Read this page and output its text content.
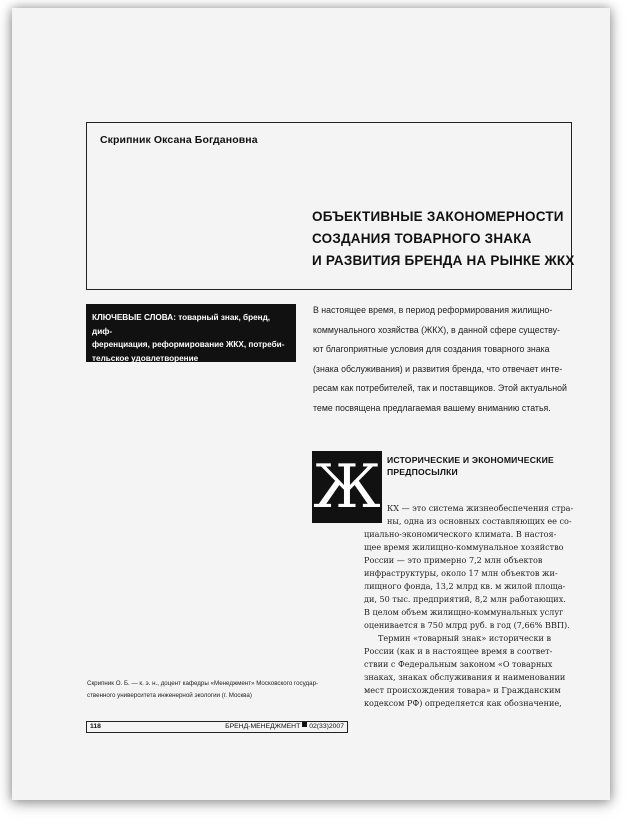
Скрипник Оксана Богдановна
ОБЪЕКТИВНЫЕ ЗАКОНОМЕРНОСТИ
СОЗДАНИЯ ТОВАРНОГО ЗНАКА
И РАЗВИТИЯ БРЕНДА НА РЫНКЕ ЖКХ
КЛЮЧЕВЫЕ СЛОВА: товарный знак, бренд, диф-
ференциация, реформирование ЖКХ, потреби-
тельское удовлетворение
В настоящее время, в период реформирования жилищно-
коммунального хозяйства (ЖКХ), в данной сфере существу-
ют благоприятные условия для создания товарного знака
(знака обслуживания) и развития бренда, что отвечает инте-
ресам как потребителей, так и поставщиков. Этой актуальной
теме посвящена предлагаемая вашему вниманию статья.
Ж ИСТОРИЧЕСКИЕ И ЭКОНОМИЧЕСКИЕ
ПРЕДПОСЫЛКИ
КХ — это система жизнеобеспечения стра-
ны, одна из основных составляющих ее со-
циально-экономического климата. В настоя-
щее время жилищно-коммунальное хозяйство
России — это примерно 7,2 млн объектов
инфраструктуры, около 17 млн объектов жи-
лищного фонда, 13,2 млрд кв. м жилой площа-
ди, 50 тыс. предприятий, 8,2 млн работающих.
В целом объем жилищно-коммунальных услуг
оценивается в 750 млрд руб. в год (7,66% ВВП).
Термин «товарный знак» исторически в
России (как и в настоящее время в соответ-
ствии с Федеральным законом «О товарных
знаках, знаках обслуживания и наименовании
мест происхождения товара» и Гражданским
кодексом РФ) определяется как обозначение,
Скрипник О. Б. — к. э. н., доцент кафедры «Менеджмент» Московского государ-
ственного университета инженерной экологии (г. Москва)
118	БРЕНД-МЕНЕДЖМЕНТ 02(33)2007
